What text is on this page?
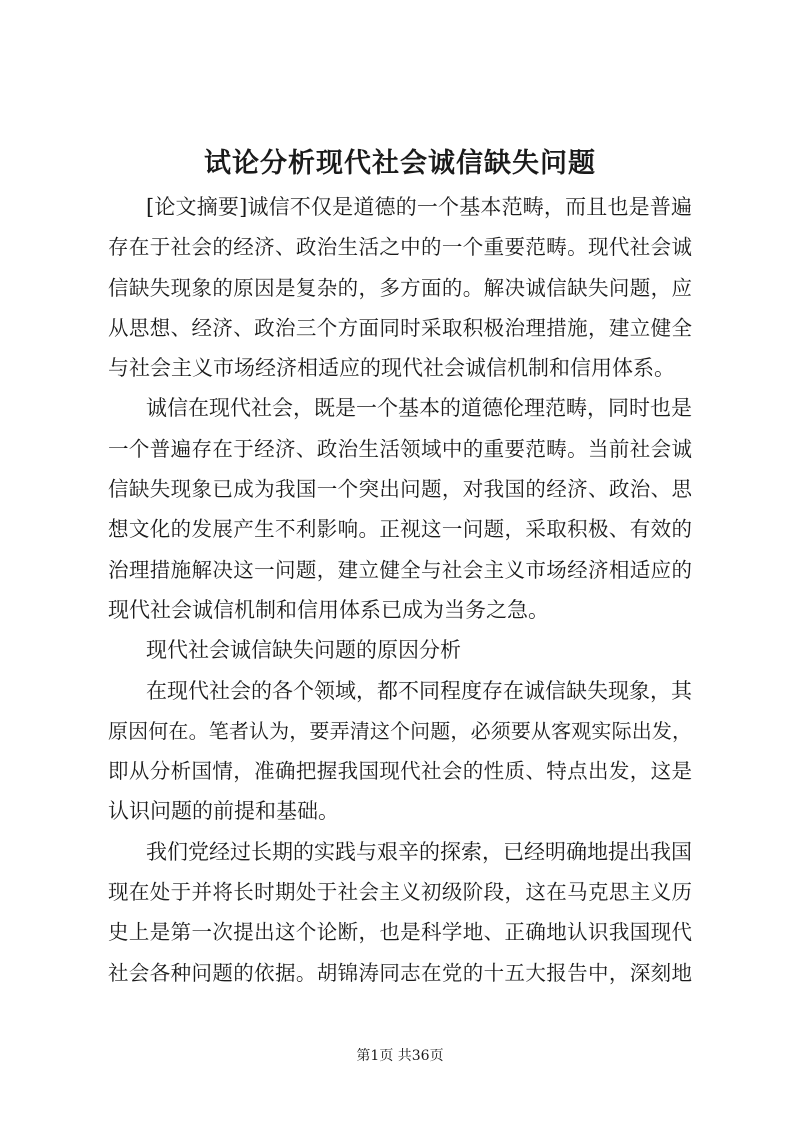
试论分析现代社会诚信缺失问题
[论文摘要]诚信不仅是道德的一个基本范畴，而且也是普遍
存在于社会的经济、政治生活之中的一个重要范畴。现代社会诚
信缺失现象的原因是复杂的，多方面的。解决诚信缺失问题，应
从思想、经济、政治三个方面同时采取积极治理措施，建立健全
与社会主义市场经济相适应的现代社会诚信机制和信用体系。
诚信在现代社会，既是一个基本的道德伦理范畴，同时也是
一个普遍存在于经济、政治生活领域中的重要范畴。当前社会诚
信缺失现象已成为我国一个突出问题，对我国的经济、政治、思
想文化的发展产生不利影响。正视这一问题，采取积极、有效的
治理措施解决这一问题，建立健全与社会主义市场经济相适应的
现代社会诚信机制和信用体系已成为当务之急。
现代社会诚信缺失问题的原因分析
在现代社会的各个领域，都不同程度存在诚信缺失现象，其
原因何在。笔者认为，要弄清这个问题，必须要从客观实际出发，
即从分析国情，准确把握我国现代社会的性质、特点出发，这是
认识问题的前提和基础。
我们党经过长期的实践与艰辛的探索，已经明确地提出我国
现在处于并将长时期处于社会主义初级阶段，这在马克思主义历
史上是第一次提出这个论断，也是科学地、正确地认识我国现代
社会各种问题的依据。胡锦涛同志在党的十五大报告中，深刻地
第1页 共36页
